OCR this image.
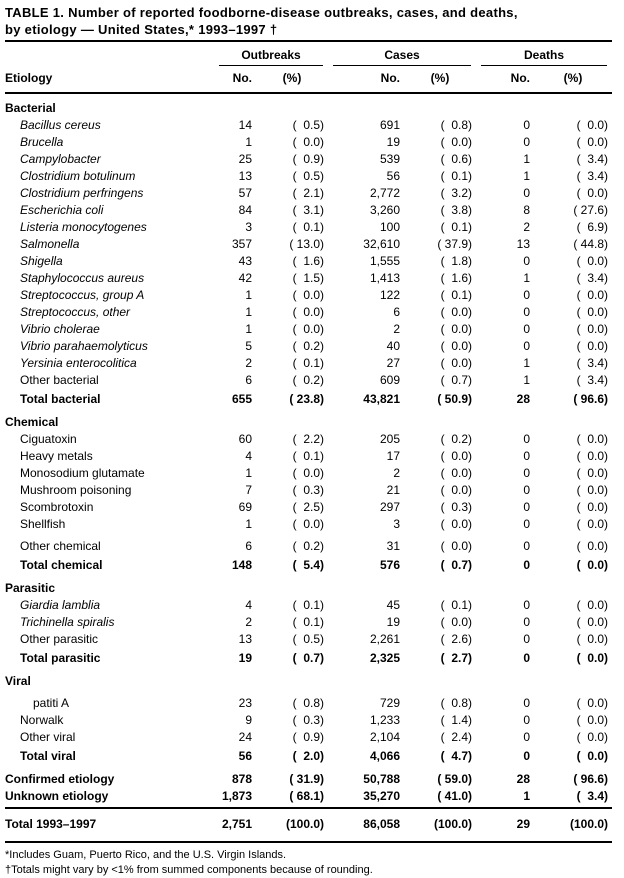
TABLE 1. Number of reported foodborne-disease outbreaks, cases, and deaths,
by etiology — United States,* 1993–1997 †
Outbreaks	Cases	Deaths
Etiology	No.	(%)	No.	(%)	No.	(%)
Bacterial
Bacillus cereus	14	(  0.5)	691	(  0.8)	0	(  0.0)
Brucella	1	(  0.0)	19	(  0.0)	0	(  0.0)
Campylobacter	25	(  0.9)	539	(  0.6)	1	(  3.4)
Clostridium botulinum	13	(  0.5)	56	(  0.1)	1	(  3.4)
Clostridium perfringens	57	(  2.1)	2,772	(  3.2)	0	(  0.0)
Escherichia coli	84	(  3.1)	3,260	(  3.8)	8	( 27.6)
Listeria monocytogenes	3	(  0.1)	100	(  0.1)	2	(  6.9)
Salmonella	357	( 13.0)	32,610	( 37.9)	13	( 44.8)
Shigella	43	(  1.6)	1,555	(  1.8)	0	(  0.0)
Staphylococcus aureus	42	(  1.5)	1,413	(  1.6)	1	(  3.4)
Streptococcus, group A	1	(  0.0)	122	(  0.1)	0	(  0.0)
Streptococcus, other	1	(  0.0)	6	(  0.0)	0	(  0.0)
Vibrio cholerae	1	(  0.0)	2	(  0.0)	0	(  0.0)
Vibrio parahaemolyticus	5	(  0.2)	40	(  0.0)	0	(  0.0)
Yersinia enterocolitica	2	(  0.1)	27	(  0.0)	1	(  3.4)
Other bacterial	6	(  0.2)	609	(  0.7)	1	(  3.4)
Total bacterial	655	( 23.8)	43,821	( 50.9)	28	( 96.6)
Chemical
Ciguatoxin	60	(  2.2)	205	(  0.2)	0	(  0.0)
Heavy metals	4	(  0.1)	17	(  0.0)	0	(  0.0)
Monosodium glutamate	1	(  0.0)	2	(  0.0)	0	(  0.0)
Mushroom poisoning	7	(  0.3)	21	(  0.0)	0	(  0.0)
Scombrotoxin	69	(  2.5)	297	(  0.3)	0	(  0.0)
Shellfish	1	(  0.0)	3	(  0.0)	0	(  0.0)
Other chemical	6	(  0.2)	31	(  0.0)	0	(  0.0)
Total chemical	148	(  5.4)	576	(  0.7)	0	(  0.0)
Parasitic
Giardia lamblia	4	(  0.1)	45	(  0.1)	0	(  0.0)
Trichinella spiralis	2	(  0.1)	19	(  0.0)	0	(  0.0)
Other parasitic	13	(  0.5)	2,261	(  2.6)	0	(  0.0)
Total parasitic	19	(  0.7)	2,325	(  2.7)	0	(  0.0)
Viral
patiti A	23	(  0.8)	729	(  0.8)	0	(  0.0)
Norwalk	9	(  0.3)	1,233	(  1.4)	0	(  0.0)
Other viral	24	(  0.9)	2,104	(  2.4)	0	(  0.0)
Total viral	56	(  2.0)	4,066	(  4.7)	0	(  0.0)
Confirmed etiology	878	( 31.9)	50,788	( 59.0)	28	( 96.6)
Unknown etiology	1,873	( 68.1)	35,270	( 41.0)	1	(  3.4)
Total 1993–1997	2,751	(100.0)	86,058	(100.0)	29	(100.0)
*Includes Guam, Puerto Rico, and the U.S. Virgin Islands.
†Totals might vary by <1% from summed components because of rounding.
